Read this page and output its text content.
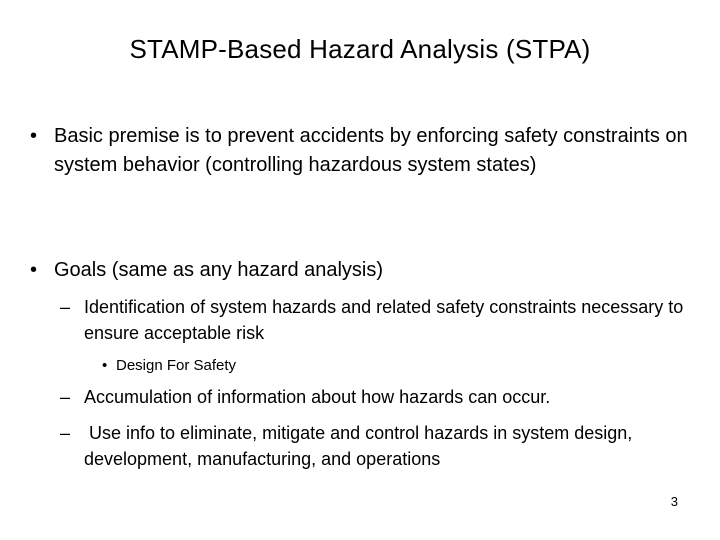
STAMP-Based Hazard Analysis (STPA)
• Basic premise is to prevent accidents by enforcing safety constraints on system behavior (controlling hazardous system states)
• Goals (same as any hazard analysis)
– Identification of system hazards and related safety constraints necessary to ensure acceptable risk
• Design For Safety
– Accumulation of information about how hazards can occur.
– Use info to eliminate, mitigate and control hazards in system design, development, manufacturing, and operations
3
